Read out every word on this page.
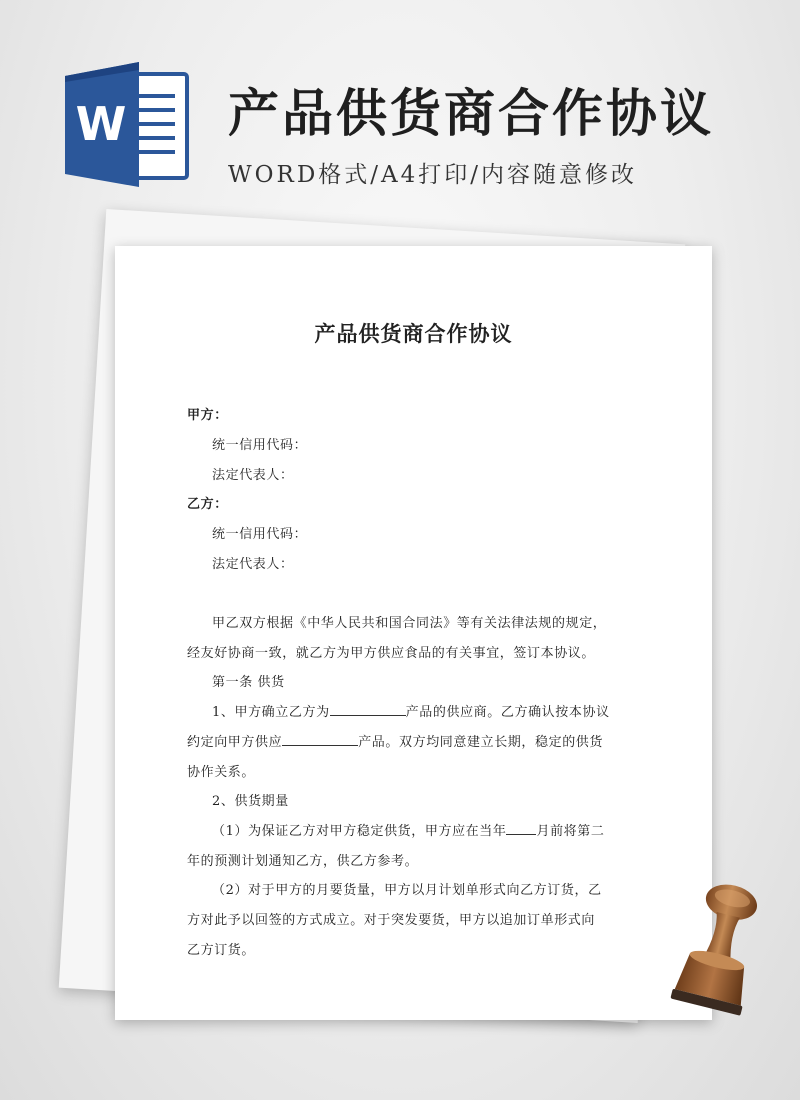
W 产品供货商合作协议

WORD格式/A4打印/内容随意修改

产品供货商合作协议

甲方：

统一信用代码：

法定代表人：

乙方：

统一信用代码：

法定代表人：

甲乙双方根据《中华人民共和国合同法》等有关法律法规的规定，

经友好协商一致，就乙方为甲方供应食品的有关事宜，签订本协议。

第一条 供货

1、甲方确立乙方为	产品的供应商。乙方确认按本协议

约定向甲方供应	产品。双方均同意建立长期，稳定的供货

协作关系。

2、供货期量

（1）为保证乙方对甲方稳定供货，甲方应在当年 月前将第二

年的预测计划通知乙方，供乙方参考。

（2）对于甲方的月要货量，甲方以月计划单形式向乙方订货，乙

方对此予以回签的方式成立。对于突发要货，甲方以追加订单形式向

乙方订货。
